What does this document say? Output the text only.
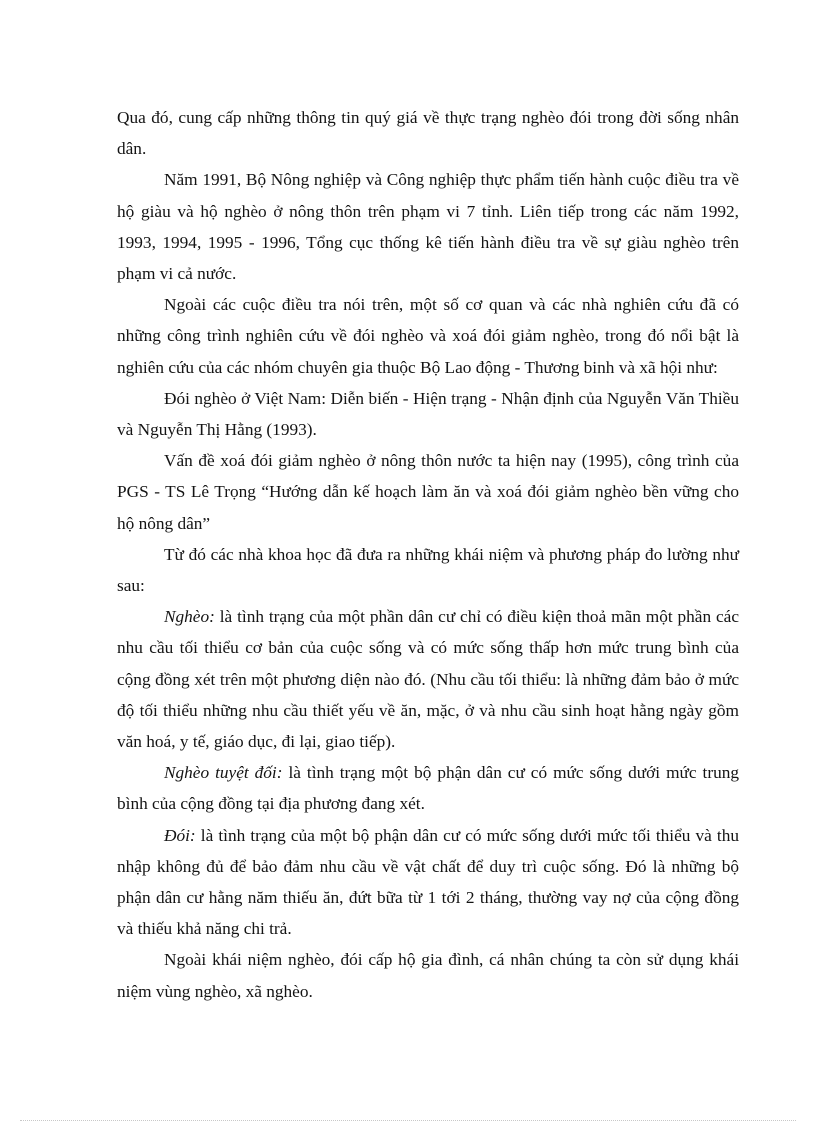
Qua đó, cung cấp những thông tin quý giá về thực trạng nghèo đói trong đời sống nhân dân.

Năm 1991, Bộ Nông nghiệp và Công nghiệp thực phẩm tiến hành cuộc điều tra về hộ giàu và hộ nghèo ở nông thôn trên phạm vi 7 tỉnh. Liên tiếp trong các năm 1992, 1993, 1994, 1995 - 1996, Tổng cục thống kê tiến hành điều tra về sự giàu nghèo trên phạm vi cả nước.

Ngoài các cuộc điều tra nói trên, một số cơ quan và các nhà nghiên cứu đã có những công trình nghiên cứu về đói nghèo và xoá đói giảm nghèo, trong đó nổi bật là nghiên cứu của các nhóm chuyên gia thuộc Bộ Lao động - Thương binh và xã hội như:

Đói nghèo ở Việt Nam: Diễn biến - Hiện trạng - Nhận định của Nguyễn Văn Thiều và Nguyễn Thị Hằng (1993).

Vấn đề xoá đói giảm nghèo ở nông thôn nước ta hiện nay (1995), công trình của PGS - TS Lê Trọng “Hướng dẫn kế hoạch làm ăn và xoá đói giảm nghèo bền vững cho hộ nông dân”

Từ đó các nhà khoa học đã đưa ra những khái niệm và phương pháp đo lường như sau:

Nghèo: là tình trạng của một phần dân cư chỉ có điều kiện thoả mãn một phần các nhu cầu tối thiểu cơ bản của cuộc sống và có mức sống thấp hơn mức trung bình của cộng đồng xét trên một phương diện nào đó. (Nhu cầu tối thiểu: là những đảm bảo ở mức độ tối thiểu những nhu cầu thiết yếu về ăn, mặc, ở và nhu cầu sinh hoạt hằng ngày gồm văn hoá, y tế, giáo dục, đi lại, giao tiếp).

Nghèo tuyệt đối: là tình trạng một bộ phận dân cư có mức sống dưới mức trung bình của cộng đồng tại địa phương đang xét.

Đói: là tình trạng của một bộ phận dân cư có mức sống dưới mức tối thiểu và thu nhập không đủ để bảo đảm nhu cầu về vật chất để duy trì cuộc sống. Đó là những bộ phận dân cư hằng năm thiếu ăn, đứt bữa từ 1 tới 2 tháng, thường vay nợ của cộng đồng và thiếu khả năng chi trả.

Ngoài khái niệm nghèo, đói cấp hộ gia đình, cá nhân chúng ta còn sử dụng khái niệm vùng nghèo, xã nghèo.
